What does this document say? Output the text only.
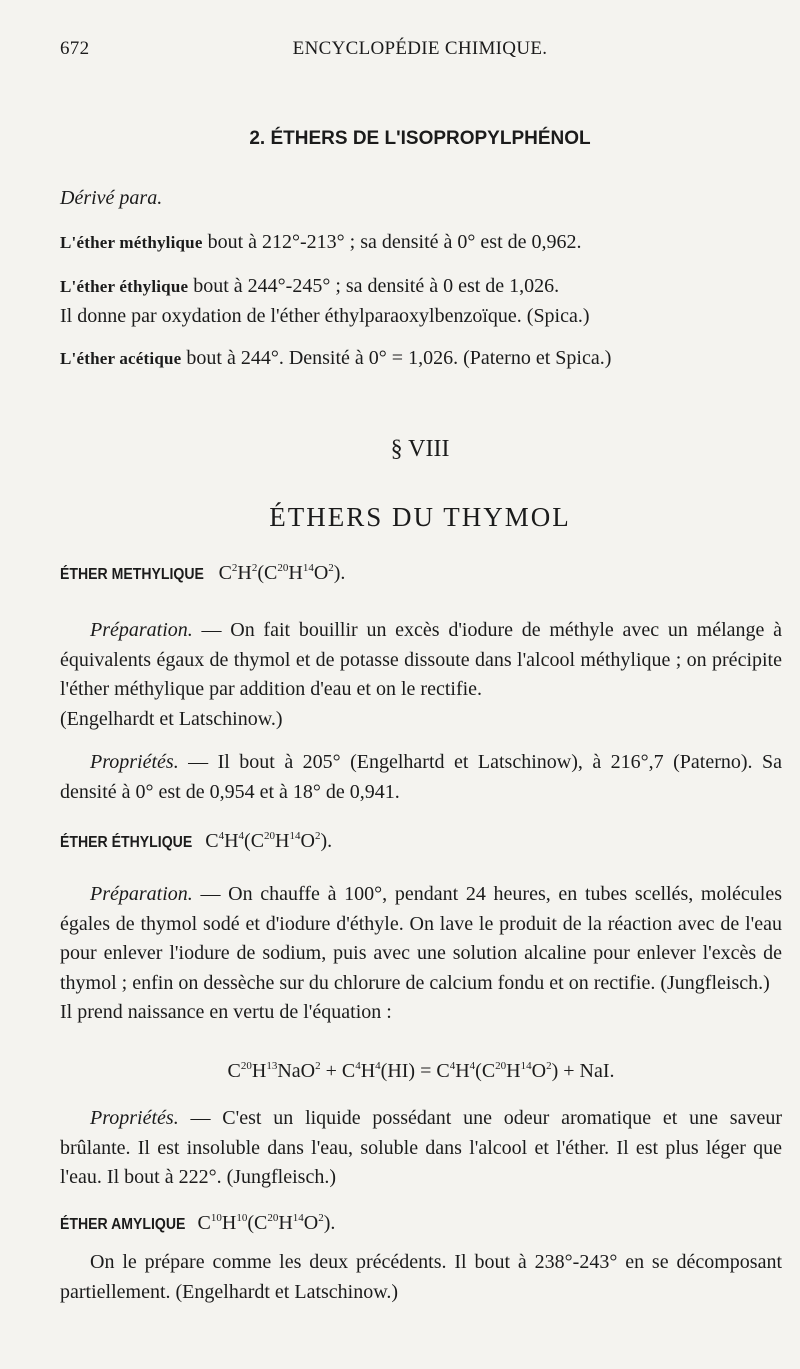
672	ENCYCLOPÉDIE CHIMIQUE.
2. ÉTHERS DE L'ISOPROPYLPHÉNOL
Dérivé para.

L'éther méthylique bout à 212°-213° ; sa densité à 0° est de 0,962.

L'éther éthylique bout à 244°-245° ; sa densité à 0 est de 1,026.

Il donne par oxydation de l'éther éthylparaoxylbenzoïque. (Spica.)

L'éther acétique bout à 244°. Densité à 0° = 1,026. (Paterno et Spica.)

§ VIII
ÉTHERS DU THYMOL
ÉTHER METHYLIQUE $C^2H^2(C^{20}H^{14}O^2)$.

Préparation. — On fait bouillir un excès d'iodure de méthyle avec un mélange à équivalents égaux de thymol et de potasse dissoute dans l'alcool méthylique ; on précipite l'éther méthylique par addition d'eau et on le rectifie.

(Engelhardt et Latschinow.)

Propriétés. — Il bout à 205° (Engelhartd et Latschinow), à 216°,7 (Paterno). Sa densité à 0° est de 0,954 et à 18° de 0,941.

ÉTHER ÉTHYLIQUE $C^4H^4(C^{20}H^{14}O^2)$.

Préparation. — On chauffe à 100°, pendant 24 heures, en tubes scellés, molécules égales de thymol sodé et d'iodure d'éthyle. On lave le produit de la réaction avec de l'eau pour enlever l'iodure de sodium, puis avec une solution alcaline pour enlever l'excès de thymol ; enfin on dessèche sur du chlorure de calcium fondu et on rectifie. (Jungfleisch.)

Il prend naissance en vertu de l'équation :

$C^{20}H^{13}NaO^2 + C^4H^4(HI) = C^4H^4(C^{20}H^{14}O^2)$ + NaI.

Propriétés. — C'est un liquide possédant une odeur aromatique et une saveur brûlante. Il est insoluble dans l'eau, soluble dans l'alcool et l'éther. Il est plus léger que l'eau. Il bout à 222°. (Jungfleisch.)

ÉTHER AMYLIQUE $C^{10}H^{10}(C^{20}H^{14}O^2)$.

On le prépare comme les deux précédents. Il bout à 238°-243° en se décomposant partiellement. (Engelhardt et Latschinow.)
